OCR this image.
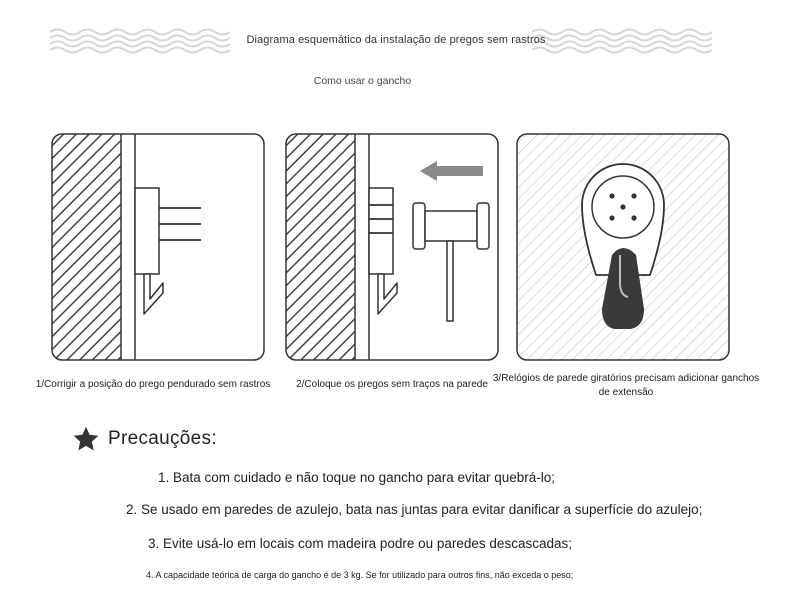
Diagrama esquemático da instalação de pregos sem rastros
Como usar o gancho
1/Corrigir a posição do prego pendurado sem rastros	2/Coloque os pregos sem traços na parede
3/Relógios de parede giratórios precisam adicionar ganchos de extensão
Precauções:
1. Bata com cuidado e não toque no gancho para evitar quebrá-lo;
2. Se usado em paredes de azulejo, bata nas juntas para evitar danificar a superfície do azulejo;
3. Evite usá-lo em locais com madeira podre ou paredes descascadas;
4. A capacidade teórica de carga do gancho é de 3 kg. Se for utilizado para outros fins, não exceda o peso;
